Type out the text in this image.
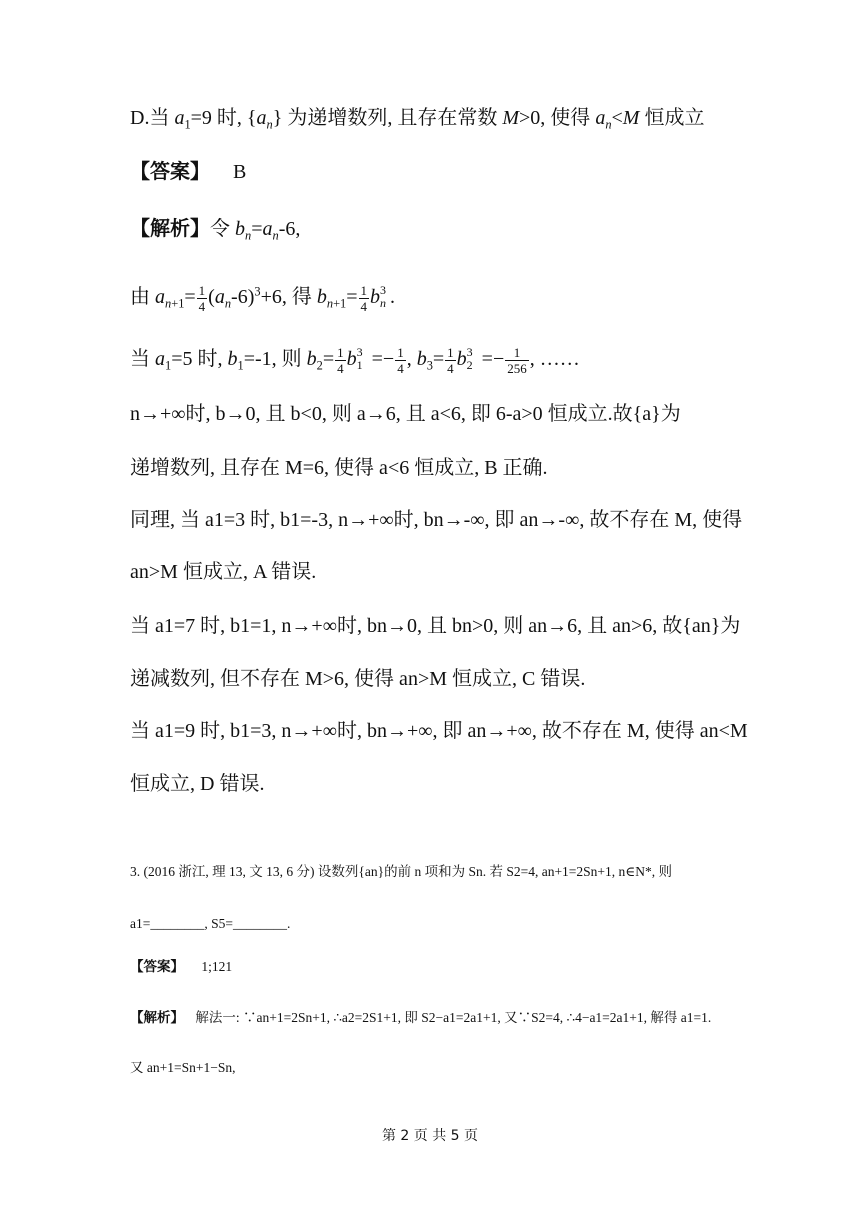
D.当 $a_1=9$ 时, $\{a_n\}$ 为递增数列, 且存在常数 M>0, 使得 $a_n<M$ 恒成立
【答案】 B
【解析】令 $b_n=a_n-6$,
由 $a_{n+1}= \frac{1}{4} (a_n-6)^3+6$, 得 $b_{n+1}= \frac{1}{4}$ b 3
n .
当 $a_1=5$ 时, $b_1=-1$, 则 $b_2= \frac{1}{4}$ b 3
$1 =- \frac{1}{4}$ , $b_3= \frac{1}{4}$ b 3
$2 =- \frac{1}{256}$ , ……
n→+∞时, b→0, 且 b<0, 则 a→6, 且 a<6, 即 6-a>0 恒成立.故{a}为
递增数列, 且存在 M=6, 使得 a<6 恒成立, B 正确.
同理, 当 a1=3 时, b1=-3, n→+∞时, bn→-∞, 即 an→-∞, 故不存在 M, 使得
an>M 恒成立, A 错误.
当 a1=7 时, b1=1, n→+∞时, bn→0, 且 bn>0, 则 an→6, 且 an>6, 故{an}为
递减数列, 但不存在 M>6, 使得 an>M 恒成立, C 错误.
当 a1=9 时, b1=3, n→+∞时, bn→+∞, 即 an→+∞, 故不存在 M, 使得 an<M
恒成立, D 错误.
3. (2016 浙江, 理 13, 文 13, 6 分) 设数列{an}的前 n 项和为 Sn. 若 S2=4, an+1=2Sn+1, n∈N*, 则
a1=________, S5=________.
【答案】 1;121
【解析】 解法一: ∵an+1=2Sn+1, ∴a2=2S1+1, 即 S2−a1=2a1+1, 又∵S2=4, ∴4−a1=2a1+1, 解得 a1=1.
又 an+1=Sn+1−Sn,
第 2 页 共 5 页
